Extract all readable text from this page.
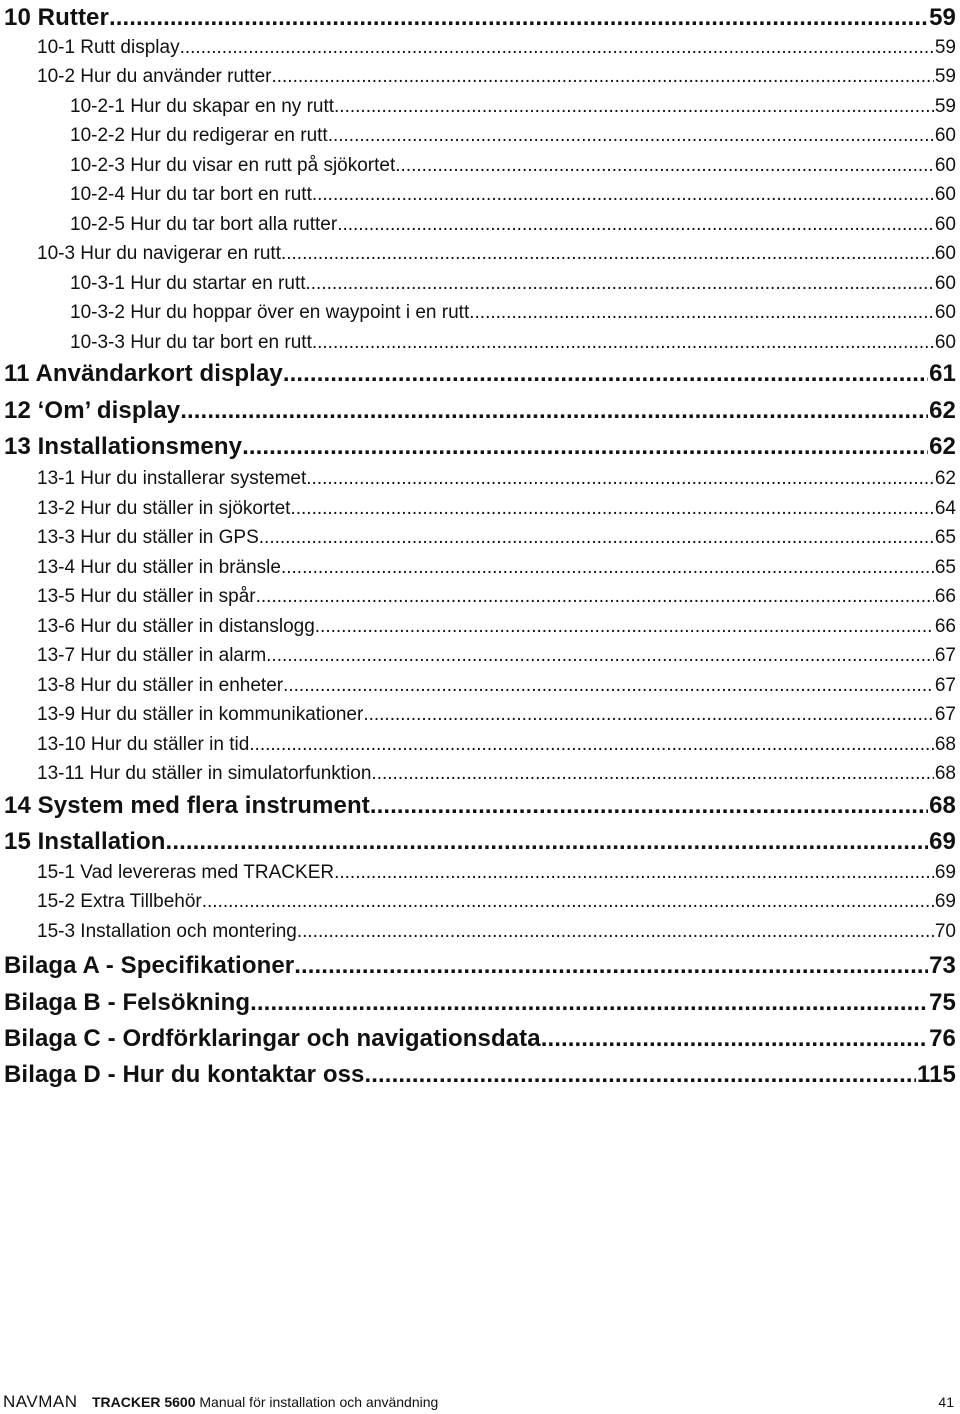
10 Rutter .....	59
10-1 Rutt display .....	59
10-2 Hur du använder rutter .....	59
10-2-1 Hur du skapar en ny rutt .....	59
10-2-2 Hur du redigerar en rutt .....	60
10-2-3 Hur du visar en rutt på sjökortet .....	60
10-2-4 Hur du tar bort en rutt .....	60
10-2-5 Hur du tar bort alla rutter .....	60
10-3 Hur du navigerar en rutt .....	60
10-3-1 Hur du startar en rutt .....	60
10-3-2 Hur du hoppar över en waypoint i en rutt .....	60
10-3-3 Hur du tar bort en rutt .....	60
11 Användarkort display .....	61
12 ‘Om’ display .....	62
13 Installationsmeny .....	62
13-1 Hur du installerar systemet .....	62
13-2 Hur du ställer in sjökortet .....	64
13-3 Hur du ställer in GPS .....	65
13-4 Hur du ställer in bränsle .....	65
13-5 Hur du ställer in spår .....	66
13-6 Hur du ställer in distanslogg .....	66
13-7 Hur du ställer in alarm .....	67
13-8 Hur du ställer in enheter .....	67
13-9 Hur du ställer in kommunikationer .....	67
13-10 Hur du ställer in tid .....	68
13-11 Hur du ställer in simulatorfunktion .....	68
14 System med flera instrument .....	68
15 Installation .....	69
15-1 Vad levereras med TRACKER .....	69
15-2 Extra Tillbehör .....	69
15-3 Installation och montering .....	70
Bilaga A - Specifikationer .....	73
Bilaga B - Felsökning .....	75
Bilaga C - Ordförklaringar och navigationsdata .....	76
Bilaga D - Hur du kontaktar oss .....	115
NAVMAN TRACKER 5600 Manual för installation och användning	41
